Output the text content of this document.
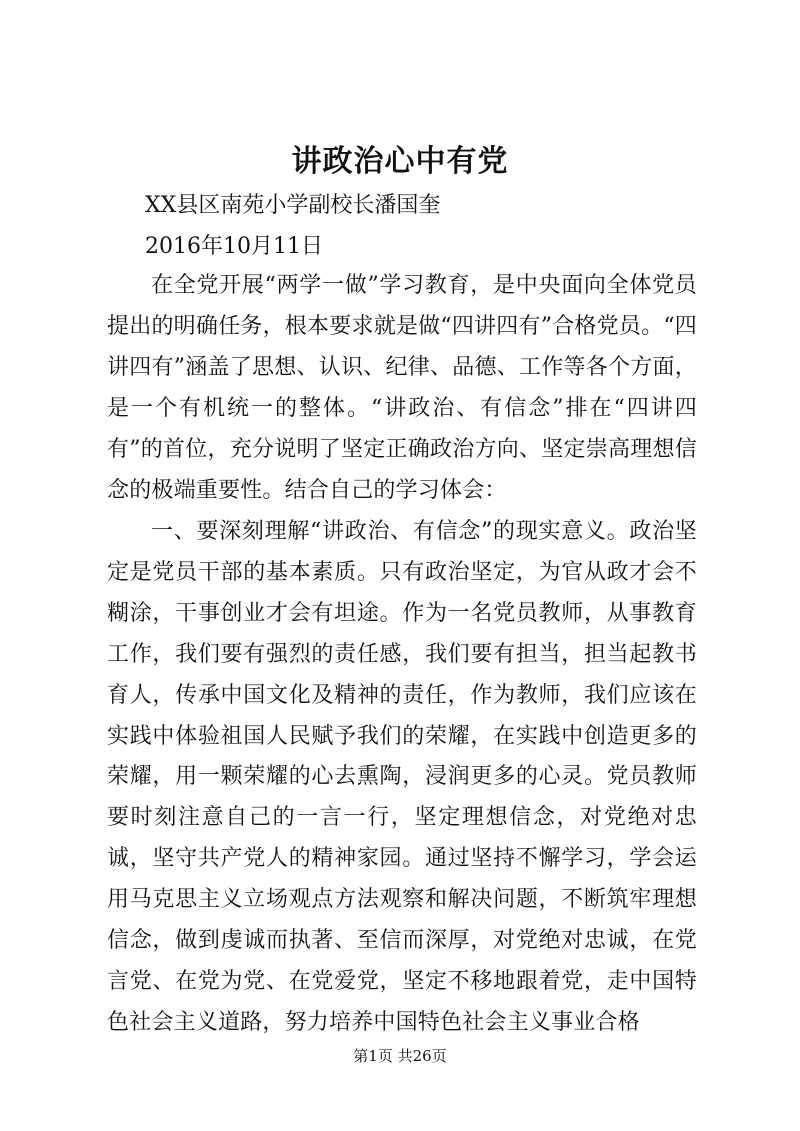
讲政治心中有党
XX县区南苑小学副校长潘国奎
2016年10月11日
在全党开展“两学一做”学习教育，是中央面向全体党员提出的明确任务，根本要求就是做“四讲四有”合格党员。“四讲四有”涵盖了思想、认识、纪律、品德、工作等各个方面，是一个有机统一的整体。“讲政治、有信念”排在“四讲四有”的首位，充分说明了坚定正确政治方向、坚定崇高理想信念的极端重要性。结合自己的学习体会：
一、要深刻理解“讲政治、有信念”的现实意义。政治坚定是党员干部的基本素质。只有政治坚定，为官从政才会不糊涂，干事创业才会有坦途。作为一名党员教师，从事教育工作，我们要有强烈的责任感，我们要有担当，担当起教书育人，传承中国文化及精神的责任，作为教师，我们应该在实践中体验祖国人民赋予我们的荣耀，在实践中创造更多的荣耀，用一颗荣耀的心去熏陶，浸润更多的心灵。党员教师要时刻注意自己的一言一行，坚定理想信念，对党绝对忠诚，坚守共产党人的精神家园。通过坚持不懈学习，学会运用马克思主义立场观点方法观察和解决问题，不断筑牢理想信念，做到虔诚而执著、至信而深厚，对党绝对忠诚，在党言党、在党为党、在党爱党，坚定不移地跟着党，走中国特色社会主义道路，努力培养中国特色社会主义事业合格
第1页 共26页
